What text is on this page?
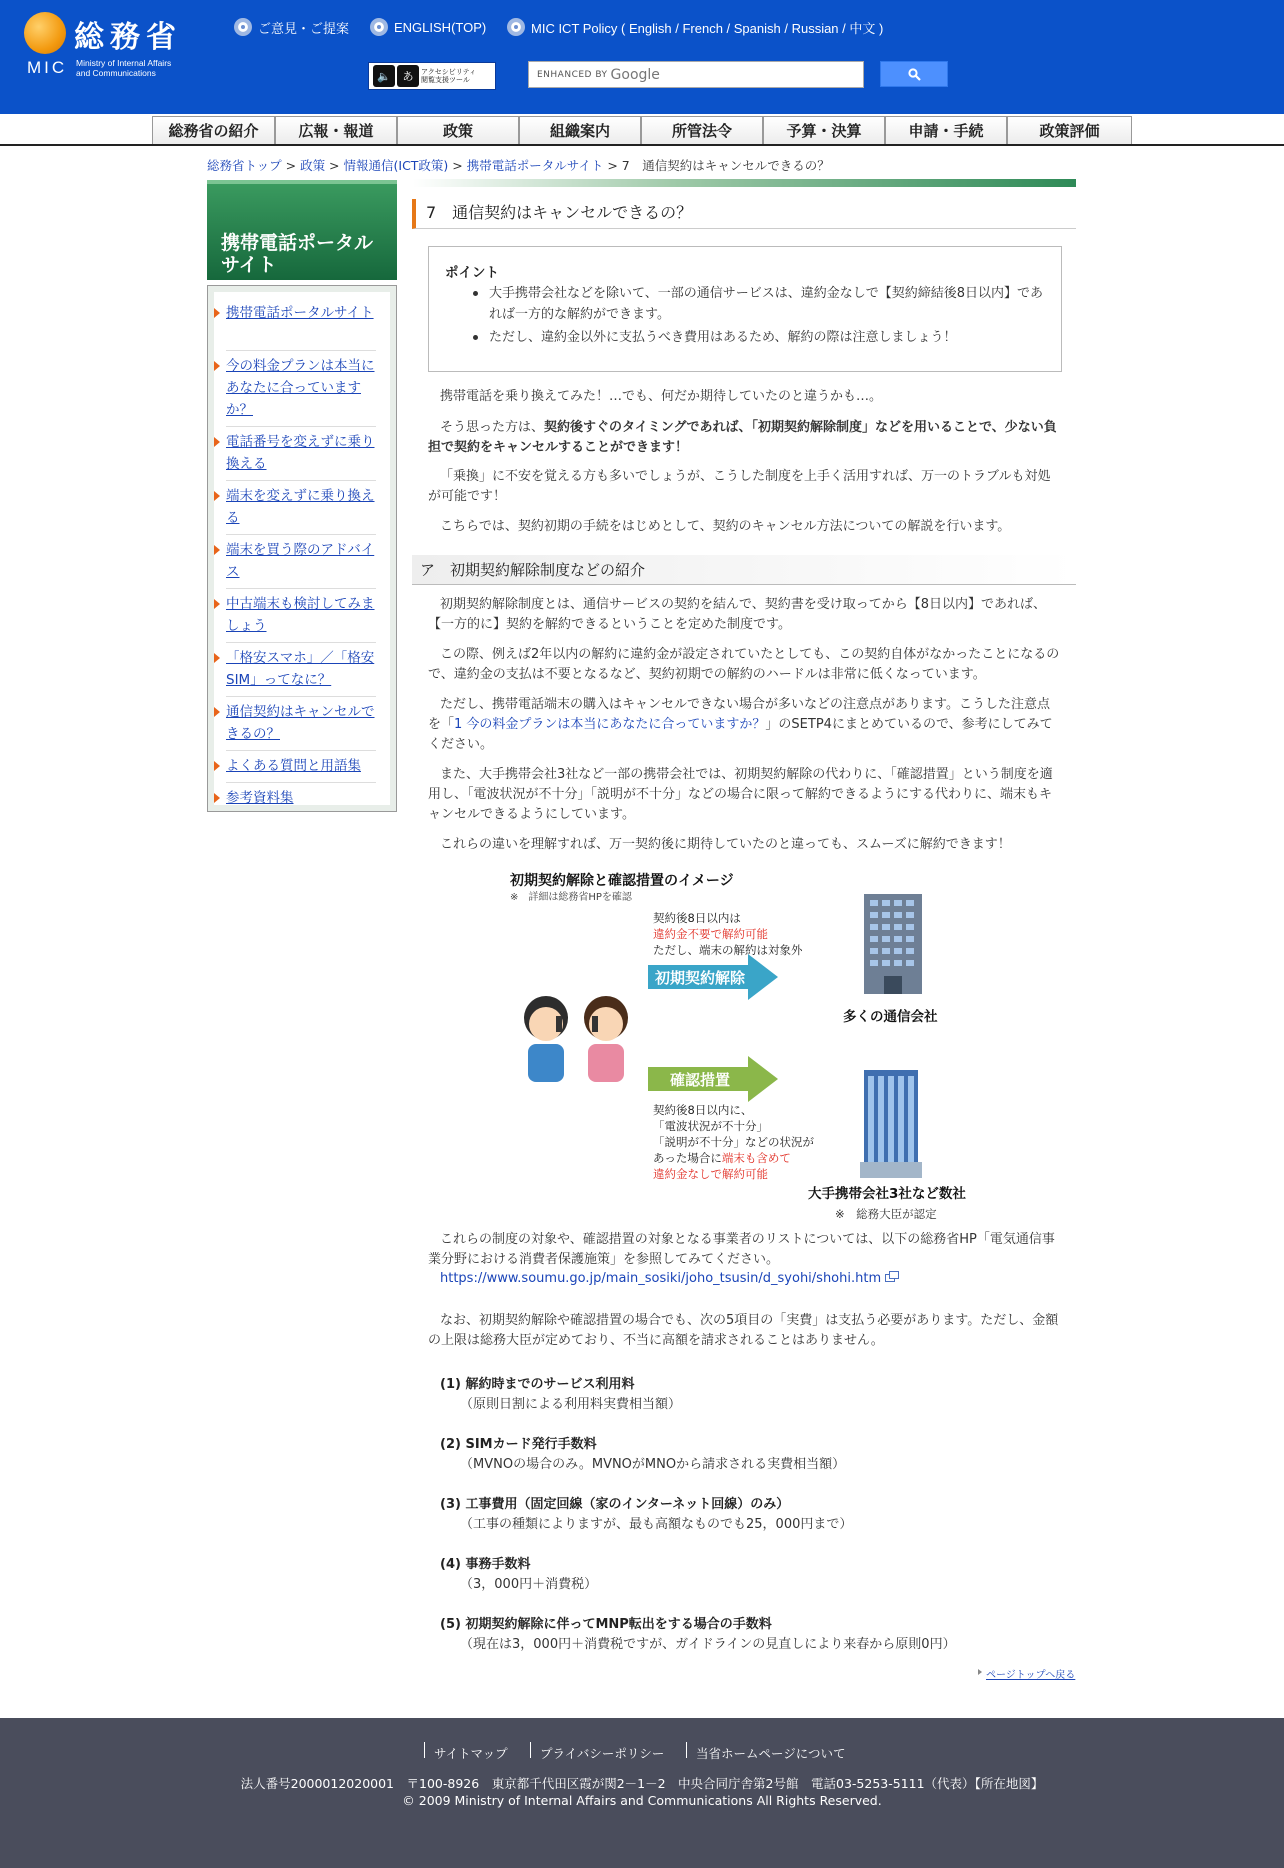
総務省
MIC Ministry of Internal Affairs
and Communications
ご意見・ご提案	ENGLISH(TOP)	MIC ICT Policy ( English / French / Spanish / Russian / 中文 )
🔈	あ	アクセシビリティ
閲覧支援ツール
ENHANCED BY Google
総務省の紹介	広報・報道	政策	組織案内	所管法令	予算・決算	申請・手続	政策評価
総務省トップ > 政策 > 情報通信(ICT政策) > 携帯電話ポータルサイト > 7　通信契約はキャンセルできるの？
携帯電話ポータルサイト
携帯電話ポータルサイト
今の料金プランは本当にあなたに合っていますか？
電話番号を変えずに乗り換える
端末を変えずに乗り換える
端末を買う際のアドバイス
中古端末も検討してみましょう
「格安スマホ」／「格安SIM」ってなに？
通信契約はキャンセルできるの？
よくある質問と用語集
参考資料集
7　通信契約はキャンセルできるの？
ポイント
大手携帯会社などを除いて、一部の通信サービスは、違約金なしで【契約締結後8日以内】であれば一方的な解約ができます。
ただし、違約金以外に支払うべき費用はあるため、解約の際は注意しましょう！
携帯電話を乗り換えてみた！…でも、何だか期待していたのと違うかも…。
そう思った方は、契約後すぐのタイミングであれば、「初期契約解除制度」などを用いることで、少ない負担で契約をキャンセルすることができます！
「乗換」に不安を覚える方も多いでしょうが、こうした制度を上手く活用すれば、万一のトラブルも対処が可能です！
こちらでは、契約初期の手続をはじめとして、契約のキャンセル方法についての解説を行います。
ア　初期契約解除制度などの紹介
初期契約解除制度とは、通信サービスの契約を結んで、契約書を受け取ってから【8日以内】であれば、【一方的に】契約を解約できるということを定めた制度です。
この際、例えば2年以内の解約に違約金が設定されていたとしても、この契約自体がなかったことになるので、違約金の支払は不要となるなど、契約初期での解約のハードルは非常に低くなっています。
ただし、携帯電話端末の購入はキャンセルできない場合が多いなどの注意点があります。こうした注意点を「1 今の料金プランは本当にあなたに合っていますか？」のSETP4にまとめているので、参考にしてみてください。
また、大手携帯会社3社など一部の携帯会社では、初期契約解除の代わりに、「確認措置」という制度を適用し、「電波状況が不十分」「説明が不十分」などの場合に限って解約できるようにする代わりに、端末もキャンセルできるようにしています。
これらの違いを理解すれば、万一契約後に期待していたのと違っても、スムーズに解約できます！
初期契約解除と確認措置のイメージ
※　詳細は総務省HPを確認
契約後8日以内は
違約金不要で解約可能
ただし、端末の解約は対象外
初期契約解除
多くの通信会社
確認措置
契約後8日以内に、
「電波状況が不十分」
「説明が不十分」などの状況が
あった場合に端末も含めて
違約金なしで解約可能
大手携帯会社3社など数社
※　総務大臣が認定
これらの制度の対象や、確認措置の対象となる事業者のリストについては、以下の総務省HP「電気通信事業分野における消費者保護施策」を参照してみてください。
https://www.soumu.go.jp/main_sosiki/joho_tsusin/d_syohi/shohi.htm
なお、初期契約解除や確認措置の場合でも、次の5項目の「実費」は支払う必要があります。ただし、金額の上限は総務大臣が定めており、不当に高額を請求されることはありません。
(1) 解約時までのサービス利用料
（原則日割による利用料実費相当額）
(2) SIMカード発行手数料
（MVNOの場合のみ。MVNOがMNOから請求される実費相当額）
(3) 工事費用（固定回線（家のインターネット回線）のみ）
（工事の種類によりますが、最も高額なものでも25，000円まで）
(4) 事務手数料
（3，000円＋消費税）
(5) 初期契約解除に伴ってMNP転出をする場合の手数料
（現在は3，000円＋消費税ですが、ガイドラインの見直しにより来春から原則0円）
ページトップへ戻る
サイトマップ	プライバシーポリシー	当省ホームページについて
法人番号2000012020001　〒100-8926　東京都千代田区霞が関2－1－2　中央合同庁舎第2号館　電話03-5253-5111（代表）【所在地図】
© 2009 Ministry of Internal Affairs and Communications All Rights Reserved.
